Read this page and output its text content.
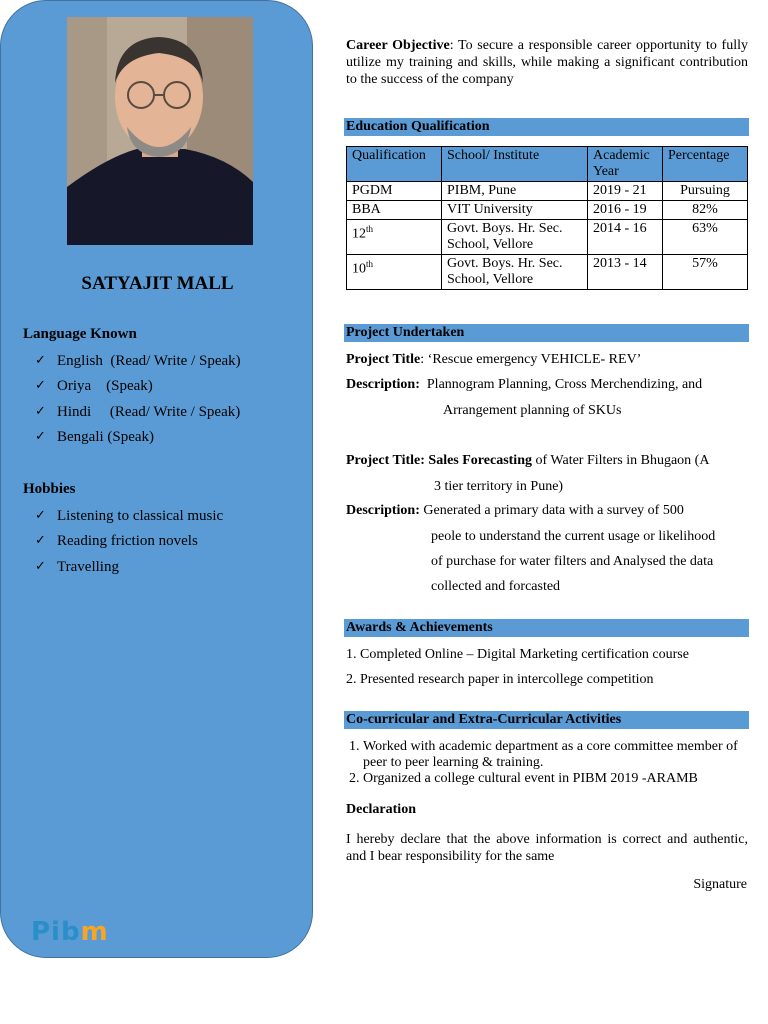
SATYAJIT MALL
Language Known
✓ English  (Read/ Write / Speak)
✓ Oriya    (Speak)
✓ Hindi     (Read/ Write / Speak)
✓ Bengali (Speak)
Hobbies
✓ Listening to classical music
✓ Reading friction novels
✓ Travelling
Pibm
Career Objective: To secure a responsible career opportunity to fully utilize my training and skills, while making a significant contribution to the success of the company
Education Qualification
Qualification	School/ Institute	Academic Year	Percentage
PGDM	PIBM, Pune	2019 - 21	Pursuing
BBA	VIT University	2016 - 19	82%
12th	Govt. Boys. Hr. Sec. School, Vellore	2014 - 16	63%
10th	Govt. Boys. Hr. Sec. School, Vellore	2013 - 14	57%
Project Undertaken
Project Title: ‘Rescue emergency VEHICLE- REV’
Description: Plannogram Planning, Cross Merchendizing, and
Arrangement planning of SKUs
Project Title: Sales Forecasting of Water Filters in Bhugaon (A
3 tier territory in Pune)
Description: Generated a primary data with a survey of 500
peole to understand the current usage or likelihood
of purchase for water filters and Analysed the data
collected and forcasted
Awards & Achievements
1. Completed Online – Digital Marketing certification course
2. Presented research paper in intercollege competition
Co-curricular and Extra-Curricular Activities
1. Worked with academic department as a core committee member of peer to peer learning & training.
2. Organized a college cultural event in PIBM 2019 -ARAMB
Declaration
I hereby declare that the above information is correct and authentic, and I bear responsibility for the same
Signature
